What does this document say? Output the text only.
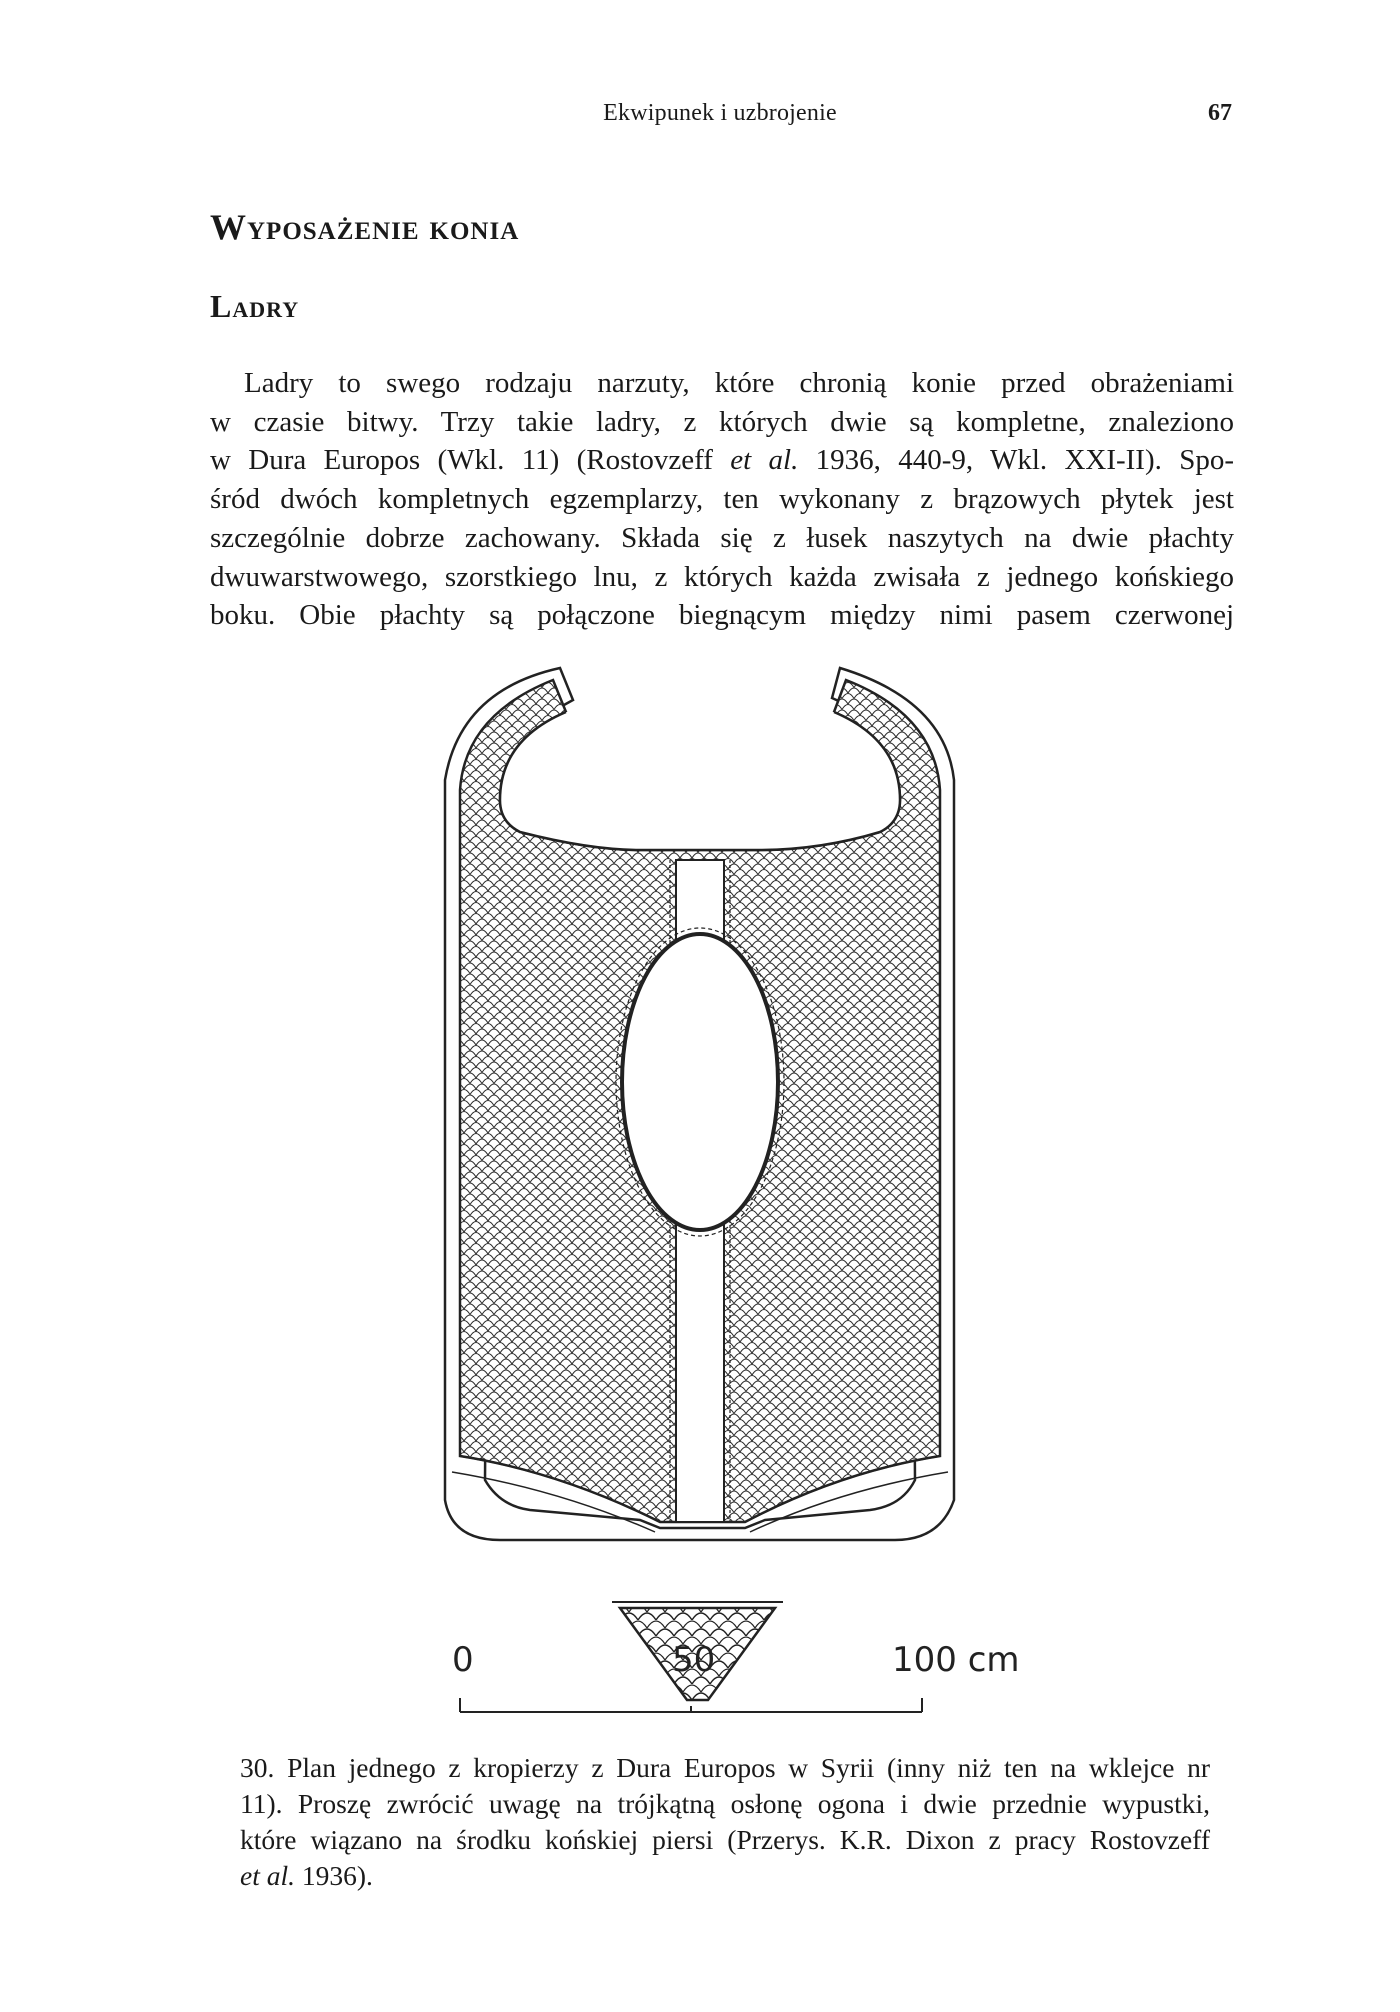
Ekwipunek i uzbrojenie	67
Wyposażenie konia
Ladry
Ladry to swego rodzaju narzuty, które chronią konie przed obrażeniami
w czasie bitwy. Trzy takie ladry, z których dwie są kompletne, znaleziono
w Dura Europos (Wkl. 11) (Rostovzeff et al. 1936, 440-9, Wkl. XXI-II). Spo-
śród dwóch kompletnych egzemplarzy, ten wykonany z brązowych płytek jest
szczególnie dobrze zachowany. Składa się z łusek naszytych na dwie płachty
dwuwarstwowego, szorstkiego lnu, z których każda zwisała z jednego końskiego
boku. Obie płachty są połączone biegnącym między nimi pasem czerwonej
0	50	100 cm
30. Plan jednego z kropierzy z Dura Europos w Syrii (inny niż ten na wklejce nr
11). Proszę zwrócić uwagę na trójkątną osłonę ogona i dwie przednie wypustki,
które wiązano na środku końskiej piersi (Przerys. K.R. Dixon z pracy Rostovzeff
et al. 1936).
